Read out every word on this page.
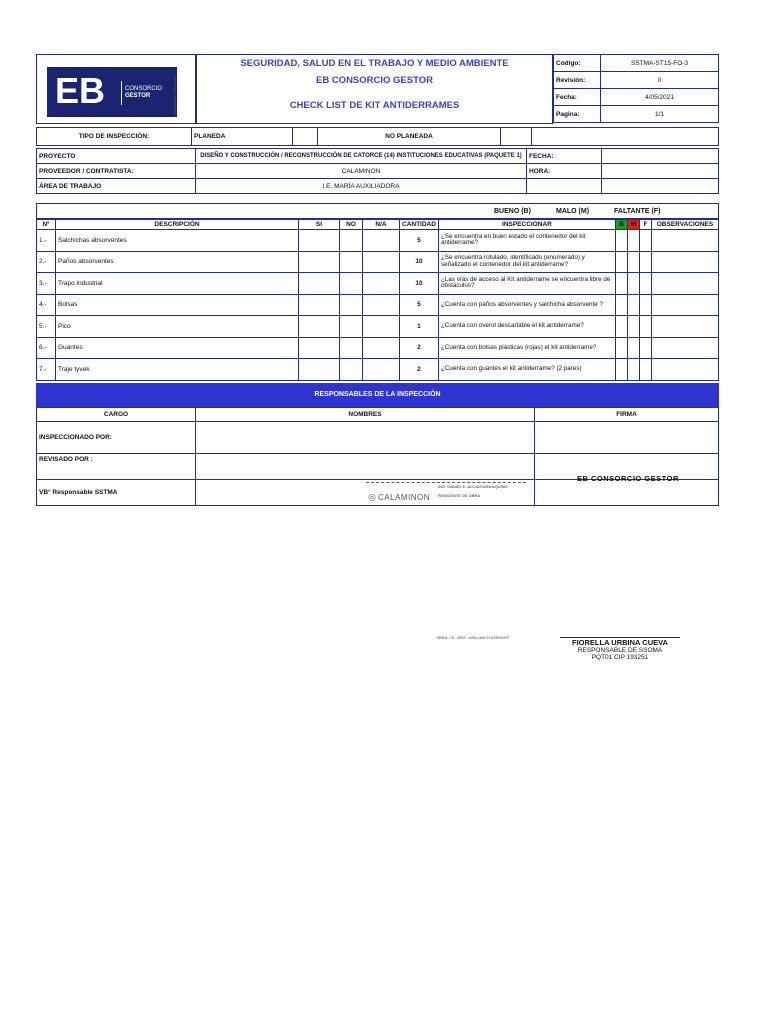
EB	CONSORCIO
GESTOR	INGENIEROS · PROYECTAL
SEGURIDAD, SALUD EN EL TRABAJO Y MEDIO AMBIENTE
EB CONSORCIO GESTOR
CHECK LIST DE KIT ANTIDERRAMES
Código:	SSTMA-ST15-FO-3
Revisión:	0
Fecha:	4/05/2021
Pagina:	1/1
TIPO DE INSPECCIÓN:	PLANEDA		NO PLANEADA		
PROYECTO	DISEÑO Y CONSTRUCCIÓN / RECONSTRUCCIÓN DE CATORCE (14) INSTITUCIONES EDUCATIVAS (PAQUETE 1)	FECHA:	
PROVEEDOR / CONTRATISTA:	CALAMINON	HORA:	
ÁREA DE TRABAJO	I.E. MARÍA AUXILIADORA		
BUENO (B)	MALO (M)	FALTANTE (F)
Nº	DESCRIPCIÓN	SI	NO	N/A	CANTIDAD	INSPECCIONAR	B	M	F	OBSERVACIONES
1.-	Salchichas absorventes				5	¿Se encuentra en buen estado el contenedor del kit antiderrame?				
2.-	Paños absorventes				10	¿Se encuentra rotulado, identificado (enumerado) y señalizado el contenedor del kit antiderrame?				
3.-	Trapo industrial				10	¿Las vías de acceso al Kit antiderrame se encuentra libre de obstáculos?				
4.-	Bolsas				5	¿Cuenta con paños absorventes y salchicha absorvente ?				
5.-	Pico				1	¿Cuenta con overol descartable el kit antiderrame?				
6.-	Guantes				2	¿Cuenta con bolsas plásticas (rojas) el kit antiderrame?				
7.-	Traje tyvek				2	¿Cuenta con guantes el kit antiderrame? (2 pares)				
RESPONSABLES DE LA INSPECCIÓN
CARGO	NOMBRES	FIRMA
INSPECCIONADO POR:		
REVISADO POR :		
VB° Responsable SSTMA	◎ CALAMINON
ING. DANIEL E. ALCANTARA AQUINO
RESIDENTE DE OBRA	EB CONSORCIO GESTOR
OBRA: I.E. 3092 - WILLIAM FULBRIGHT
FIORELLA URBINA CUEVA
RESPONSABLE DE SSOMA
PQT01 CIP 193251
